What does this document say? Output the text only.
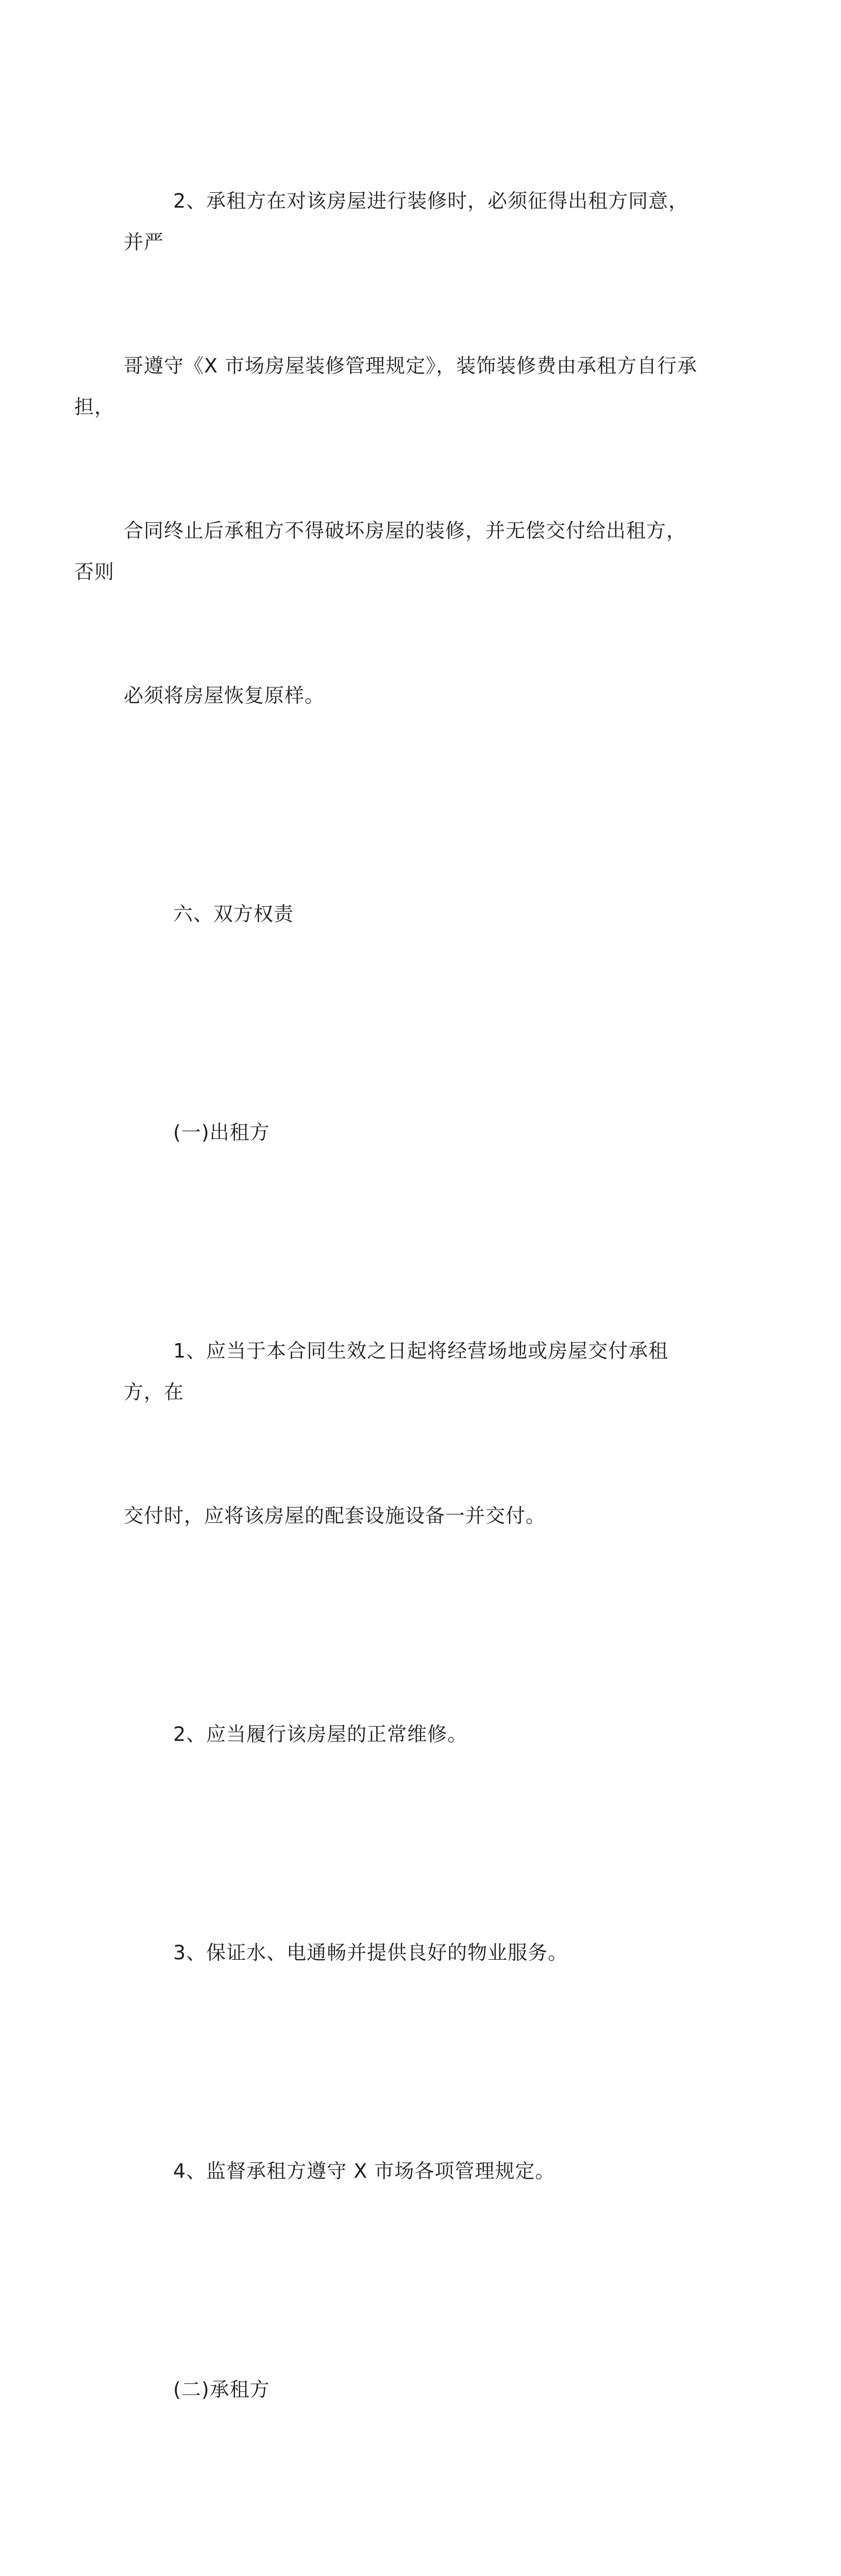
2、承租方在对该房屋进行装修时，必须征得出租方同意，并严

哥遵守《X 市场房屋装修管理规定》，装饰装修费由承租方自行承担，

合同终止后承租方不得破坏房屋的装修，并无偿交付给出租方，否则

必须将房屋恢复原样。

六、双方权责

(一)出租方

1、应当于本合同生效之日起将经营场地或房屋交付承租方，在

交付时，应将该房屋的配套设施设备一并交付。

2、应当履行该房屋的正常维修。

3、保证水、电通畅并提供良好的物业服务。

4、监督承租方遵守 X 市场各项管理规定。

(二)承租方
